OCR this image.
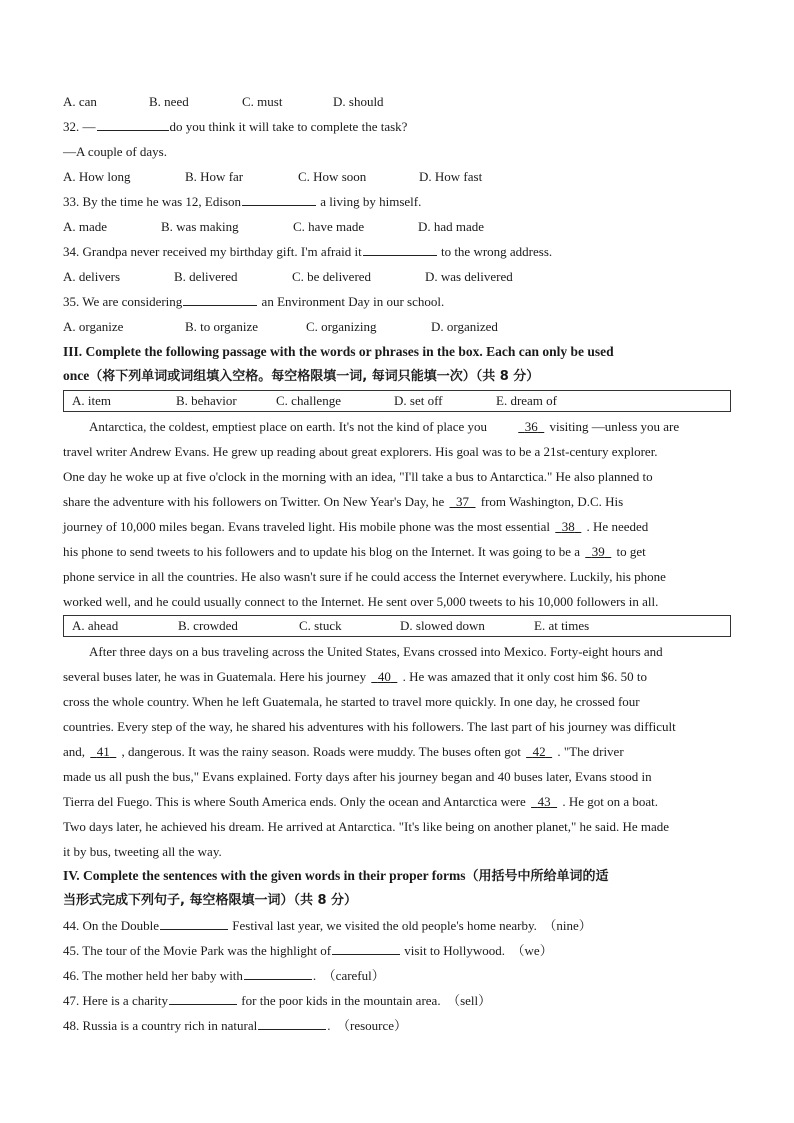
A. can	B. need	C. must	D. should
32. —	do you think it will take to complete the task?
—A couple of days.
A. How long	B. How far	C. How soon	D. How fast
33. By the time he was 12, Edison	a living by himself.
A. made	B. was making	C. have made	D. had made
34. Grandpa never received my birthday gift. I'm afraid it	to the wrong address.
A. delivers	B. delivered	C. be delivered	D. was delivered
35. We are considering	an Environment Day in our school.
A. organize	B. to organize	C. organizing	D. organized
III. Complete the following passage with the words or phrases in the box. Each can only be used
once（将下列单词或词组填入空格。每空格限填一词, 每词只能填一次）（共 8 分）
A. item	B. behavior	C. challenge	D. set off	E. dream of
Antarctica, the coldest, emptiest place on earth. It's not the kind of place you	36 visiting —unless you are
travel writer Andrew Evans. He grew up reading about great explorers. His goal was to be a 21st-century explorer.
One day he woke up at five o'clock in the morning with an idea, "I'll take a bus to Antarctica." He also planned to
share the adventure with his followers on Twitter. On New Year's Day, he 37 from Washington, D.C. His
journey of 10,000 miles began. Evans traveled light. His mobile phone was the most essential 38 . He needed
his phone to send tweets to his followers and to update his blog on the Internet. It was going to be a 39 to get
phone service in all the countries. He also wasn't sure if he could access the Internet everywhere. Luckily, his phone
worked well, and he could usually connect to the Internet. He sent over 5,000 tweets to his 10,000 followers in all.
A. ahead	B. crowded	C. stuck	D. slowed down	E. at times
After three days on a bus traveling across the United States, Evans crossed into Mexico. Forty-eight hours and
several buses later, he was in Guatemala. Here his journey 40 . He was amazed that it only cost him $6. 50 to
cross the whole country. When he left Guatemala, he started to travel more quickly. In one day, he crossed four
countries. Every step of the way, he shared his adventures with his followers. The last part of his journey was difficult
and, 41 , dangerous. It was the rainy season. Roads were muddy. The buses often got 42 . "The driver
made us all push the bus," Evans explained. Forty days after his journey began and 40 buses later, Evans stood in
Tierra del Fuego. This is where South America ends. Only the ocean and Antarctica were 43 . He got on a boat.
Two days later, he achieved his dream. He arrived at Antarctica. "It's like being on another planet," he said. He made
it by bus, tweeting all the way.
IV. Complete the sentences with the given words in their proper forms（用括号中所给单词的适
当形式完成下列句子, 每空格限填一词）（共 8 分）
44. On the Double	Festival last year, we visited the old people's home nearby. （nine）
45. The tour of the Movie Park was the highlight of	visit to Hollywood. （we）
46. The mother held her baby with	. （careful）
47. Here is a charity	for the poor kids in the mountain area. （sell）
48. Russia is a country rich in natural	. （resource）
